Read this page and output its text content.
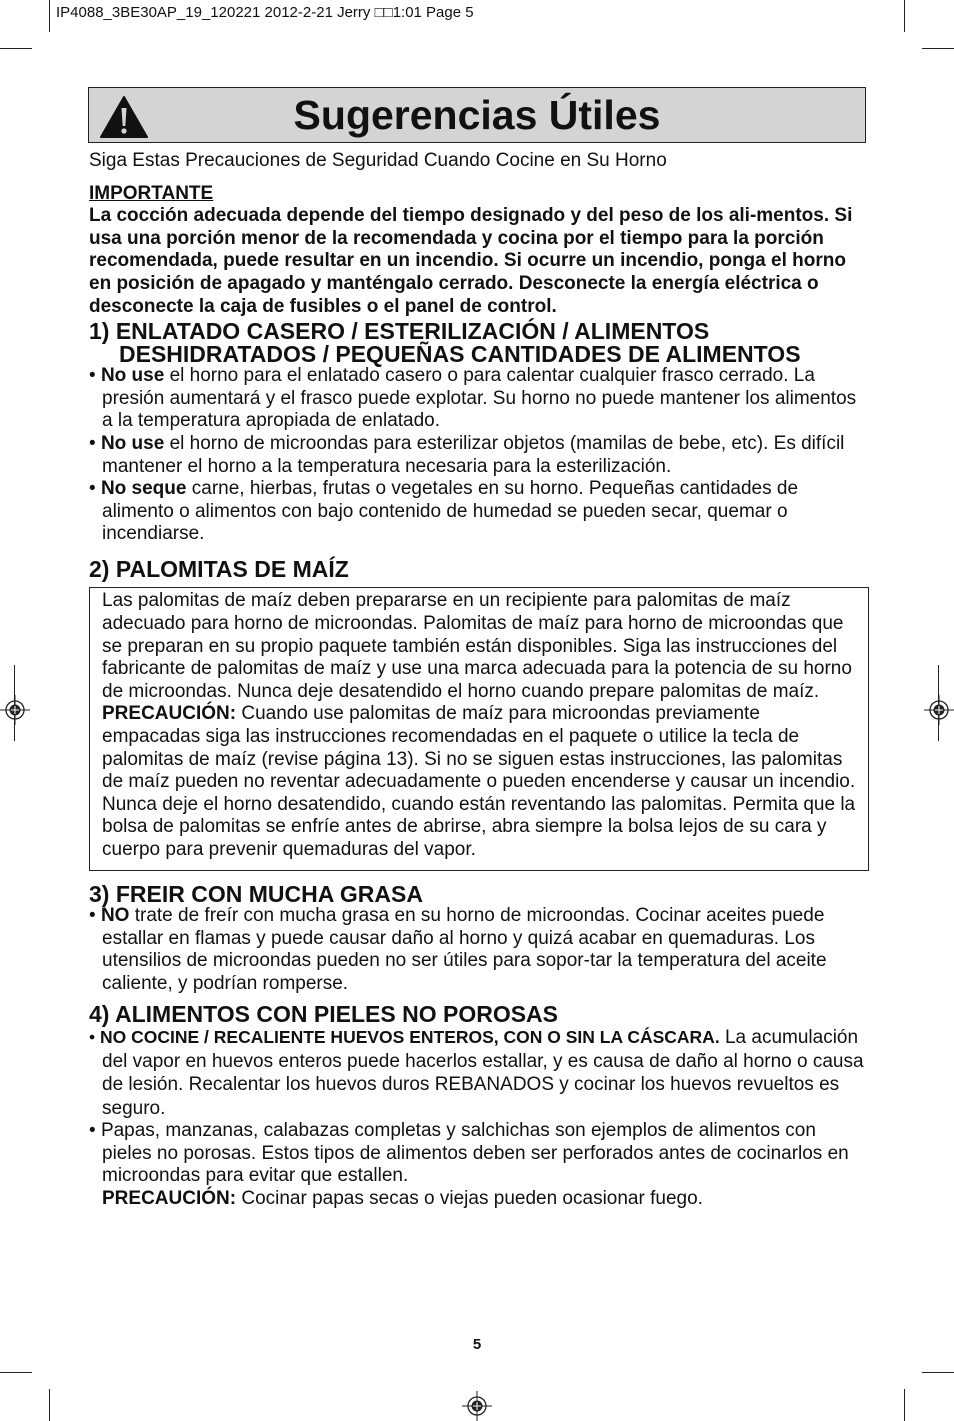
IP4088_3BE30AP_19_120221 2012-2-21 Jerry □□1:01 Page 5
Sugerencias Útiles

Siga Estas Precauciones de Seguridad Cuando Cocine en Su Horno

IMPORTANTE

La cocción adecuada depende del tiempo designado y del peso de los ali-mentos. Si usa una porción menor de la recomendada y cocina por el tiempo para la porción recomendada, puede resultar en un incendio. Si ocurre un incendio, ponga el horno en posición de apagado y manténgalo cerrado. Desconecte la energía eléctrica o desconecte la caja de fusibles o el panel de control.

1) ENLATADO CASERO / ESTERILIZACIÓN / ALIMENTOS DESHIDRATADOS / PEQUEÑAS CANTIDADES DE ALIMENTOS
• No use el horno para el enlatado casero o para calentar cualquier frasco cerrado. La presión aumentará y el frasco puede explotar. Su horno no puede mantener los alimentos a la temperatura apropiada de enlatado.
• No use el horno de microondas para esterilizar objetos (mamilas de bebe, etc). Es difícil mantener el horno a la temperatura necesaria para la esterilización.
• No seque carne, hierbas, frutas o vegetales en su horno. Pequeñas cantidades de alimento o alimentos con bajo contenido de humedad se pueden secar, quemar o incendiarse.
2) PALOMITAS DE MAÍZ

Las palomitas de maíz deben prepararse en un recipiente para palomitas de maíz adecuado para horno de microondas. Palomitas de maíz para horno de microondas que se preparan en su propio paquete también están disponibles. Siga las instrucciones del fabricante de palomitas de maíz y use una marca adecuada para la potencia de su horno de microondas. Nunca deje desatendido el horno cuando prepare palomitas de maíz.

PRECAUCIÓN: Cuando use palomitas de maíz para microondas previamente empacadas siga las instrucciones recomendadas en el paquete o utilice la tecla de palomitas de maíz (revise página 13). Si no se siguen estas instrucciones, las palomitas de maíz pueden no reventar adecuadamente o pueden encenderse y causar un incendio.

Nunca deje el horno desatendido, cuando están reventando las palomitas. Permita que la bolsa de palomitas se enfríe antes de abrirse, abra siempre la bolsa lejos de su cara y cuerpo para prevenir quemaduras del vapor.

3) FREIR CON MUCHA GRASA
• NO trate de freír con mucha grasa en su horno de microondas. Cocinar aceites puede estallar en flamas y puede causar daño al horno y quizá acabar en quemaduras. Los utensilios de microondas pueden no ser útiles para sopor-tar la temperatura del aceite caliente, y podrían romperse.
4) ALIMENTOS CON PIELES NO POROSAS
• NO COCINE / RECALIENTE HUEVOS ENTEROS, CON O SIN LA CÁSCARA. La acumulación del vapor en huevos enteros puede hacerlos estallar, y es causa de daño al horno o causa de lesión. Recalentar los huevos duros REBANADOS y cocinar los huevos revueltos es seguro.
• Papas, manzanas, calabazas completas y salchichas son ejemplos de alimentos con pieles no porosas. Estos tipos de alimentos deben ser perforados antes de cocinarlos en microondas para evitar que estallen.
PRECAUCIÓN: Cocinar papas secas o viejas pueden ocasionar fuego.
5
